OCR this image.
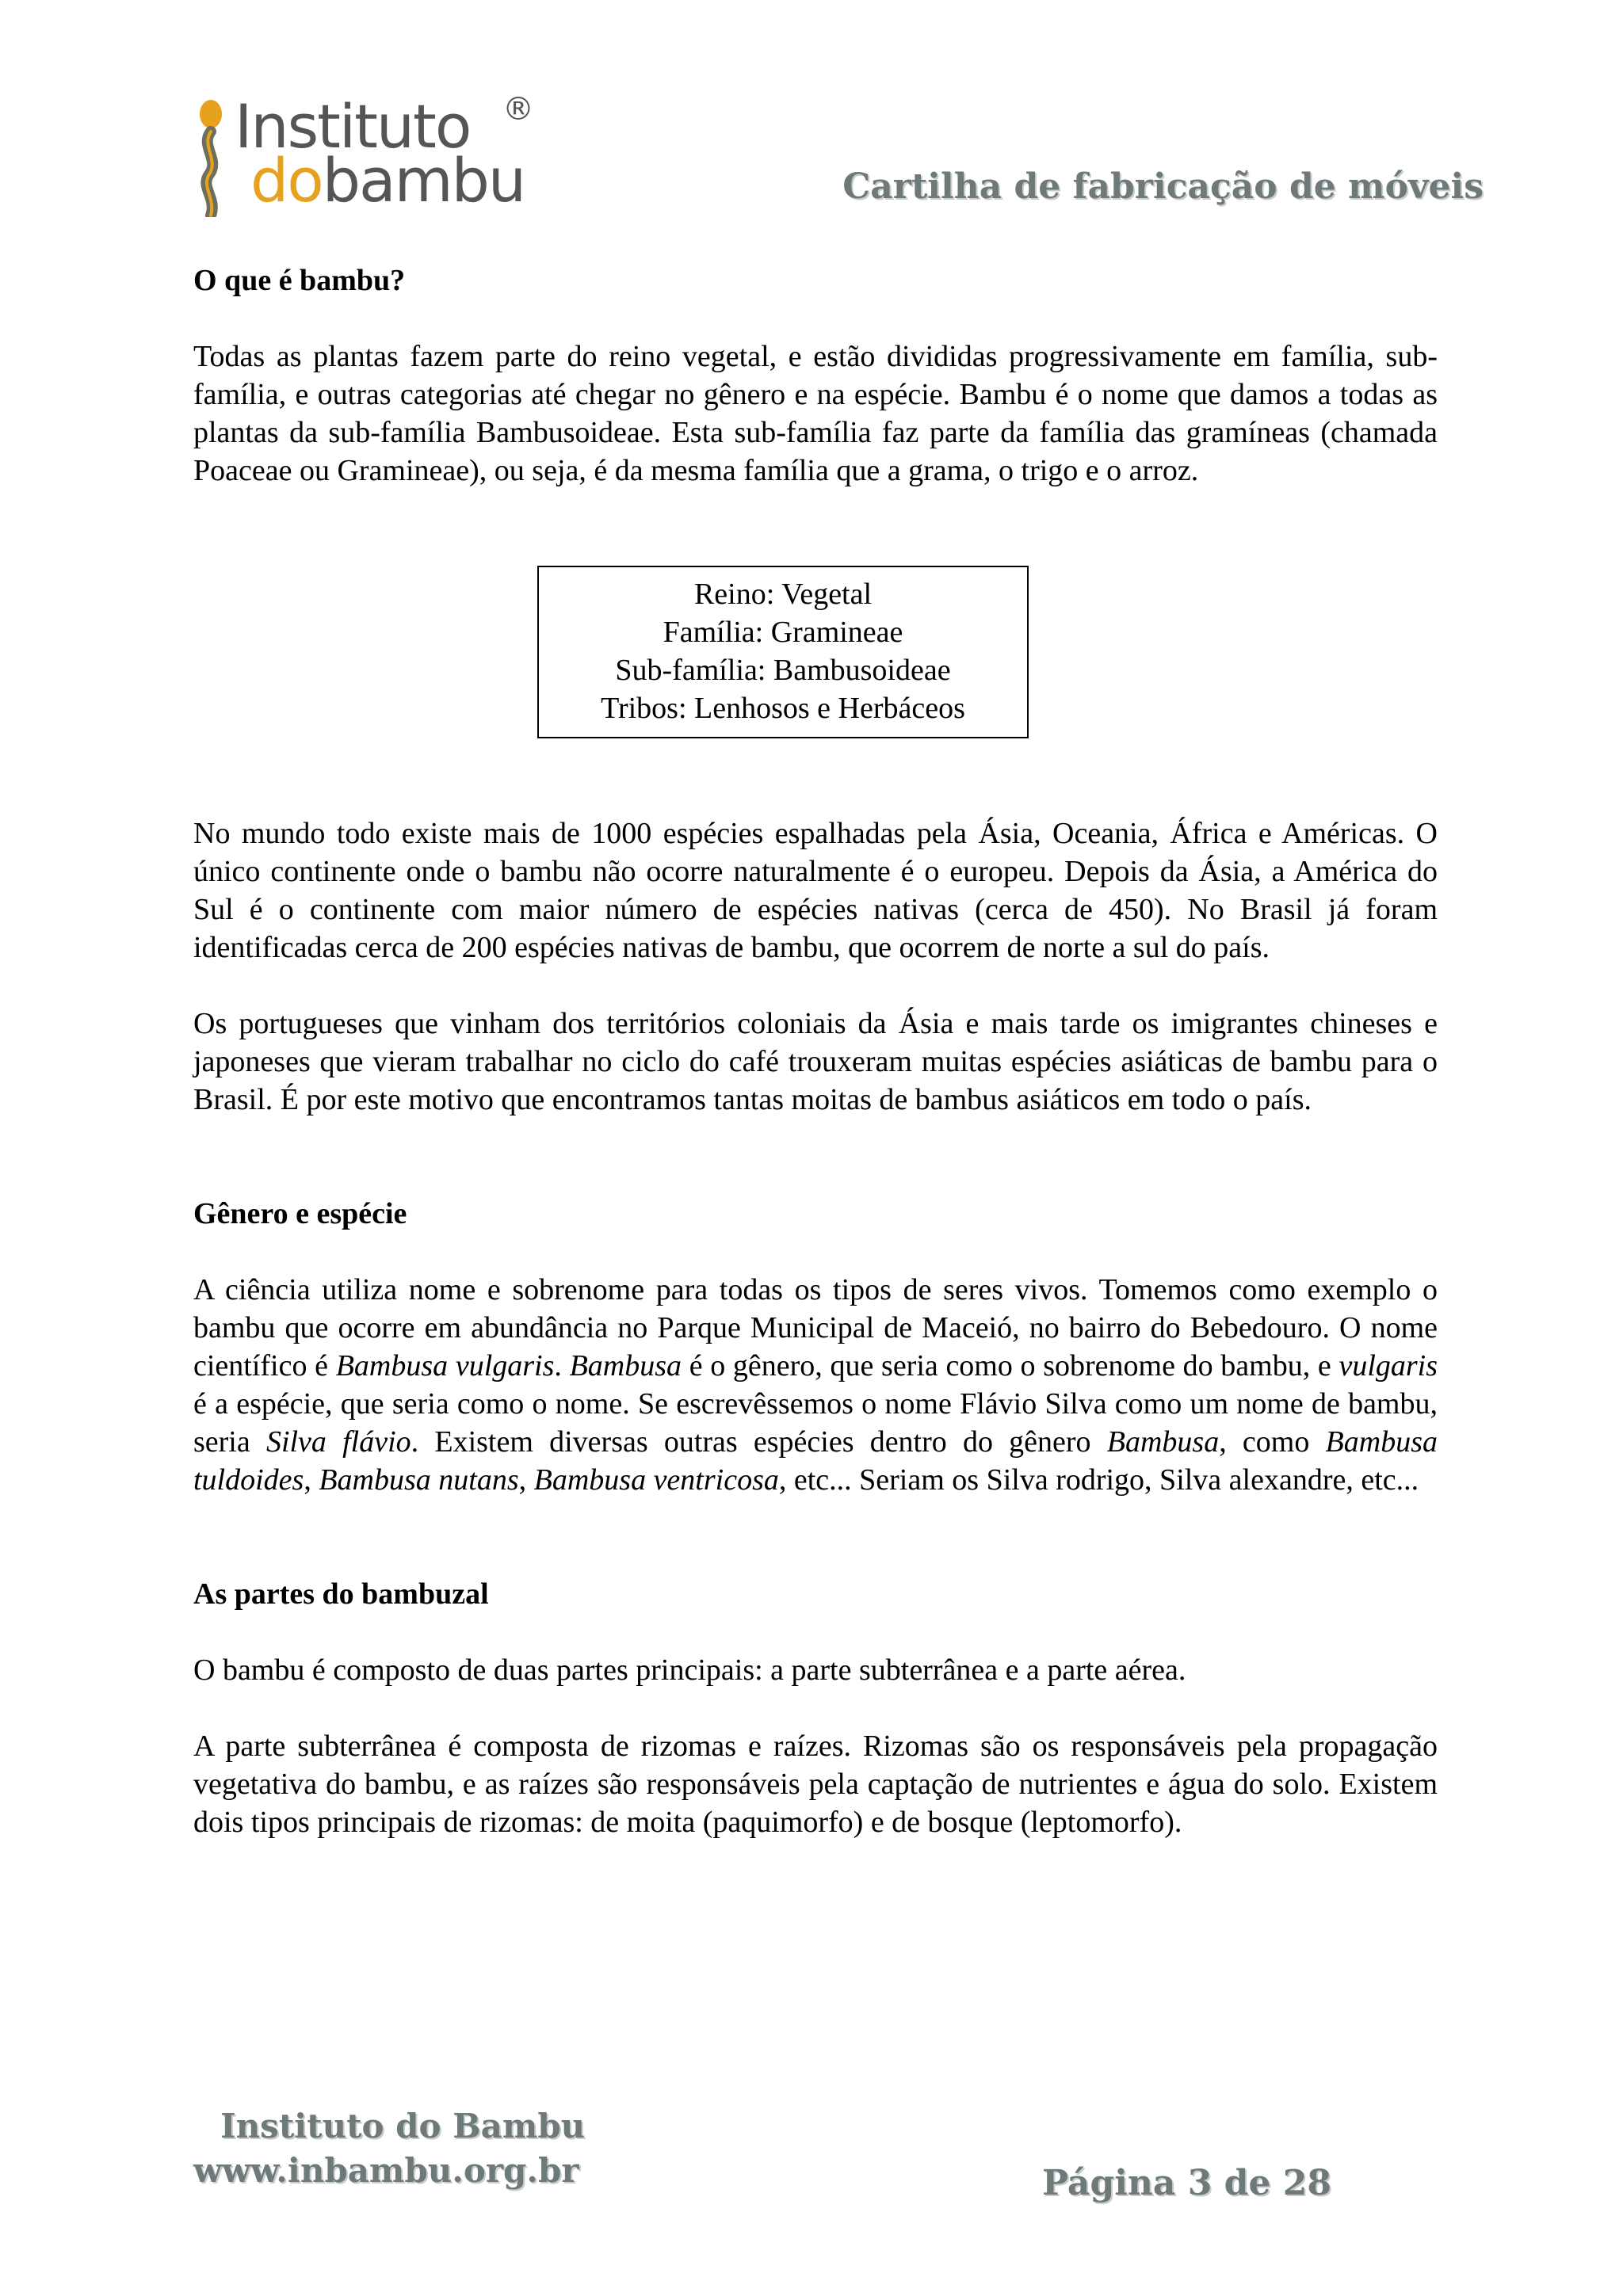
Instituto
dobambu
®
Cartilha de fabricação de móveis
O que é bambu?

Todas as plantas fazem parte do reino vegetal, e estão divididas progressivamente em família, sub-família, e outras categorias até chegar no gênero e na espécie. Bambu é o nome que damos a todas as plantas da sub-família Bambusoideae. Esta sub-família faz parte da família das gramíneas (chamada Poaceae ou Gramineae), ou seja, é da mesma família que a grama, o trigo e o arroz.

Reino: Vegetal
Família: Gramineae
Sub-família: Bambusoideae
Tribos: Lenhosos e Herbáceos

No mundo todo existe mais de 1000 espécies espalhadas pela Ásia, Oceania, África e Américas. O único continente onde o bambu não ocorre naturalmente é o europeu. Depois da Ásia, a América do Sul é o continente com maior número de espécies nativas (cerca de 450). No Brasil já foram identificadas cerca de 200 espécies nativas de bambu, que ocorrem de norte a sul do país.

Os portugueses que vinham dos territórios coloniais da Ásia e mais tarde os imigrantes chineses e japoneses que vieram trabalhar no ciclo do café trouxeram muitas espécies asiáticas de bambu para o Brasil. É por este motivo que encontramos tantas moitas de bambus asiáticos em todo o país.

Gênero e espécie

A ciência utiliza nome e sobrenome para todas os tipos de seres vivos. Tomemos como exemplo o bambu que ocorre em abundância no Parque Municipal de Maceió, no bairro do Bebedouro. O nome científico é Bambusa vulgaris. Bambusa é o gênero, que seria como o sobrenome do bambu, e vulgaris é a espécie, que seria como o nome. Se escrevêssemos o nome Flávio Silva como um nome de bambu, seria Silva flávio. Existem diversas outras espécies dentro do gênero Bambusa, como Bambusa tuldoides, Bambusa nutans, Bambusa ventricosa, etc... Seriam os Silva rodrigo, Silva alexandre, etc...

As partes do bambuzal

O bambu é composto de duas partes principais: a parte subterrânea e a parte aérea.

A parte subterrânea é composta de rizomas e raízes. Rizomas são os responsáveis pela propagação vegetativa do bambu, e as raízes são responsáveis pela captação de nutrientes e água do solo. Existem dois tipos principais de rizomas: de moita (paquimorfo) e de bosque (leptomorfo).

Instituto do Bambu
www.inbambu.org.br	Página 3 de 28
